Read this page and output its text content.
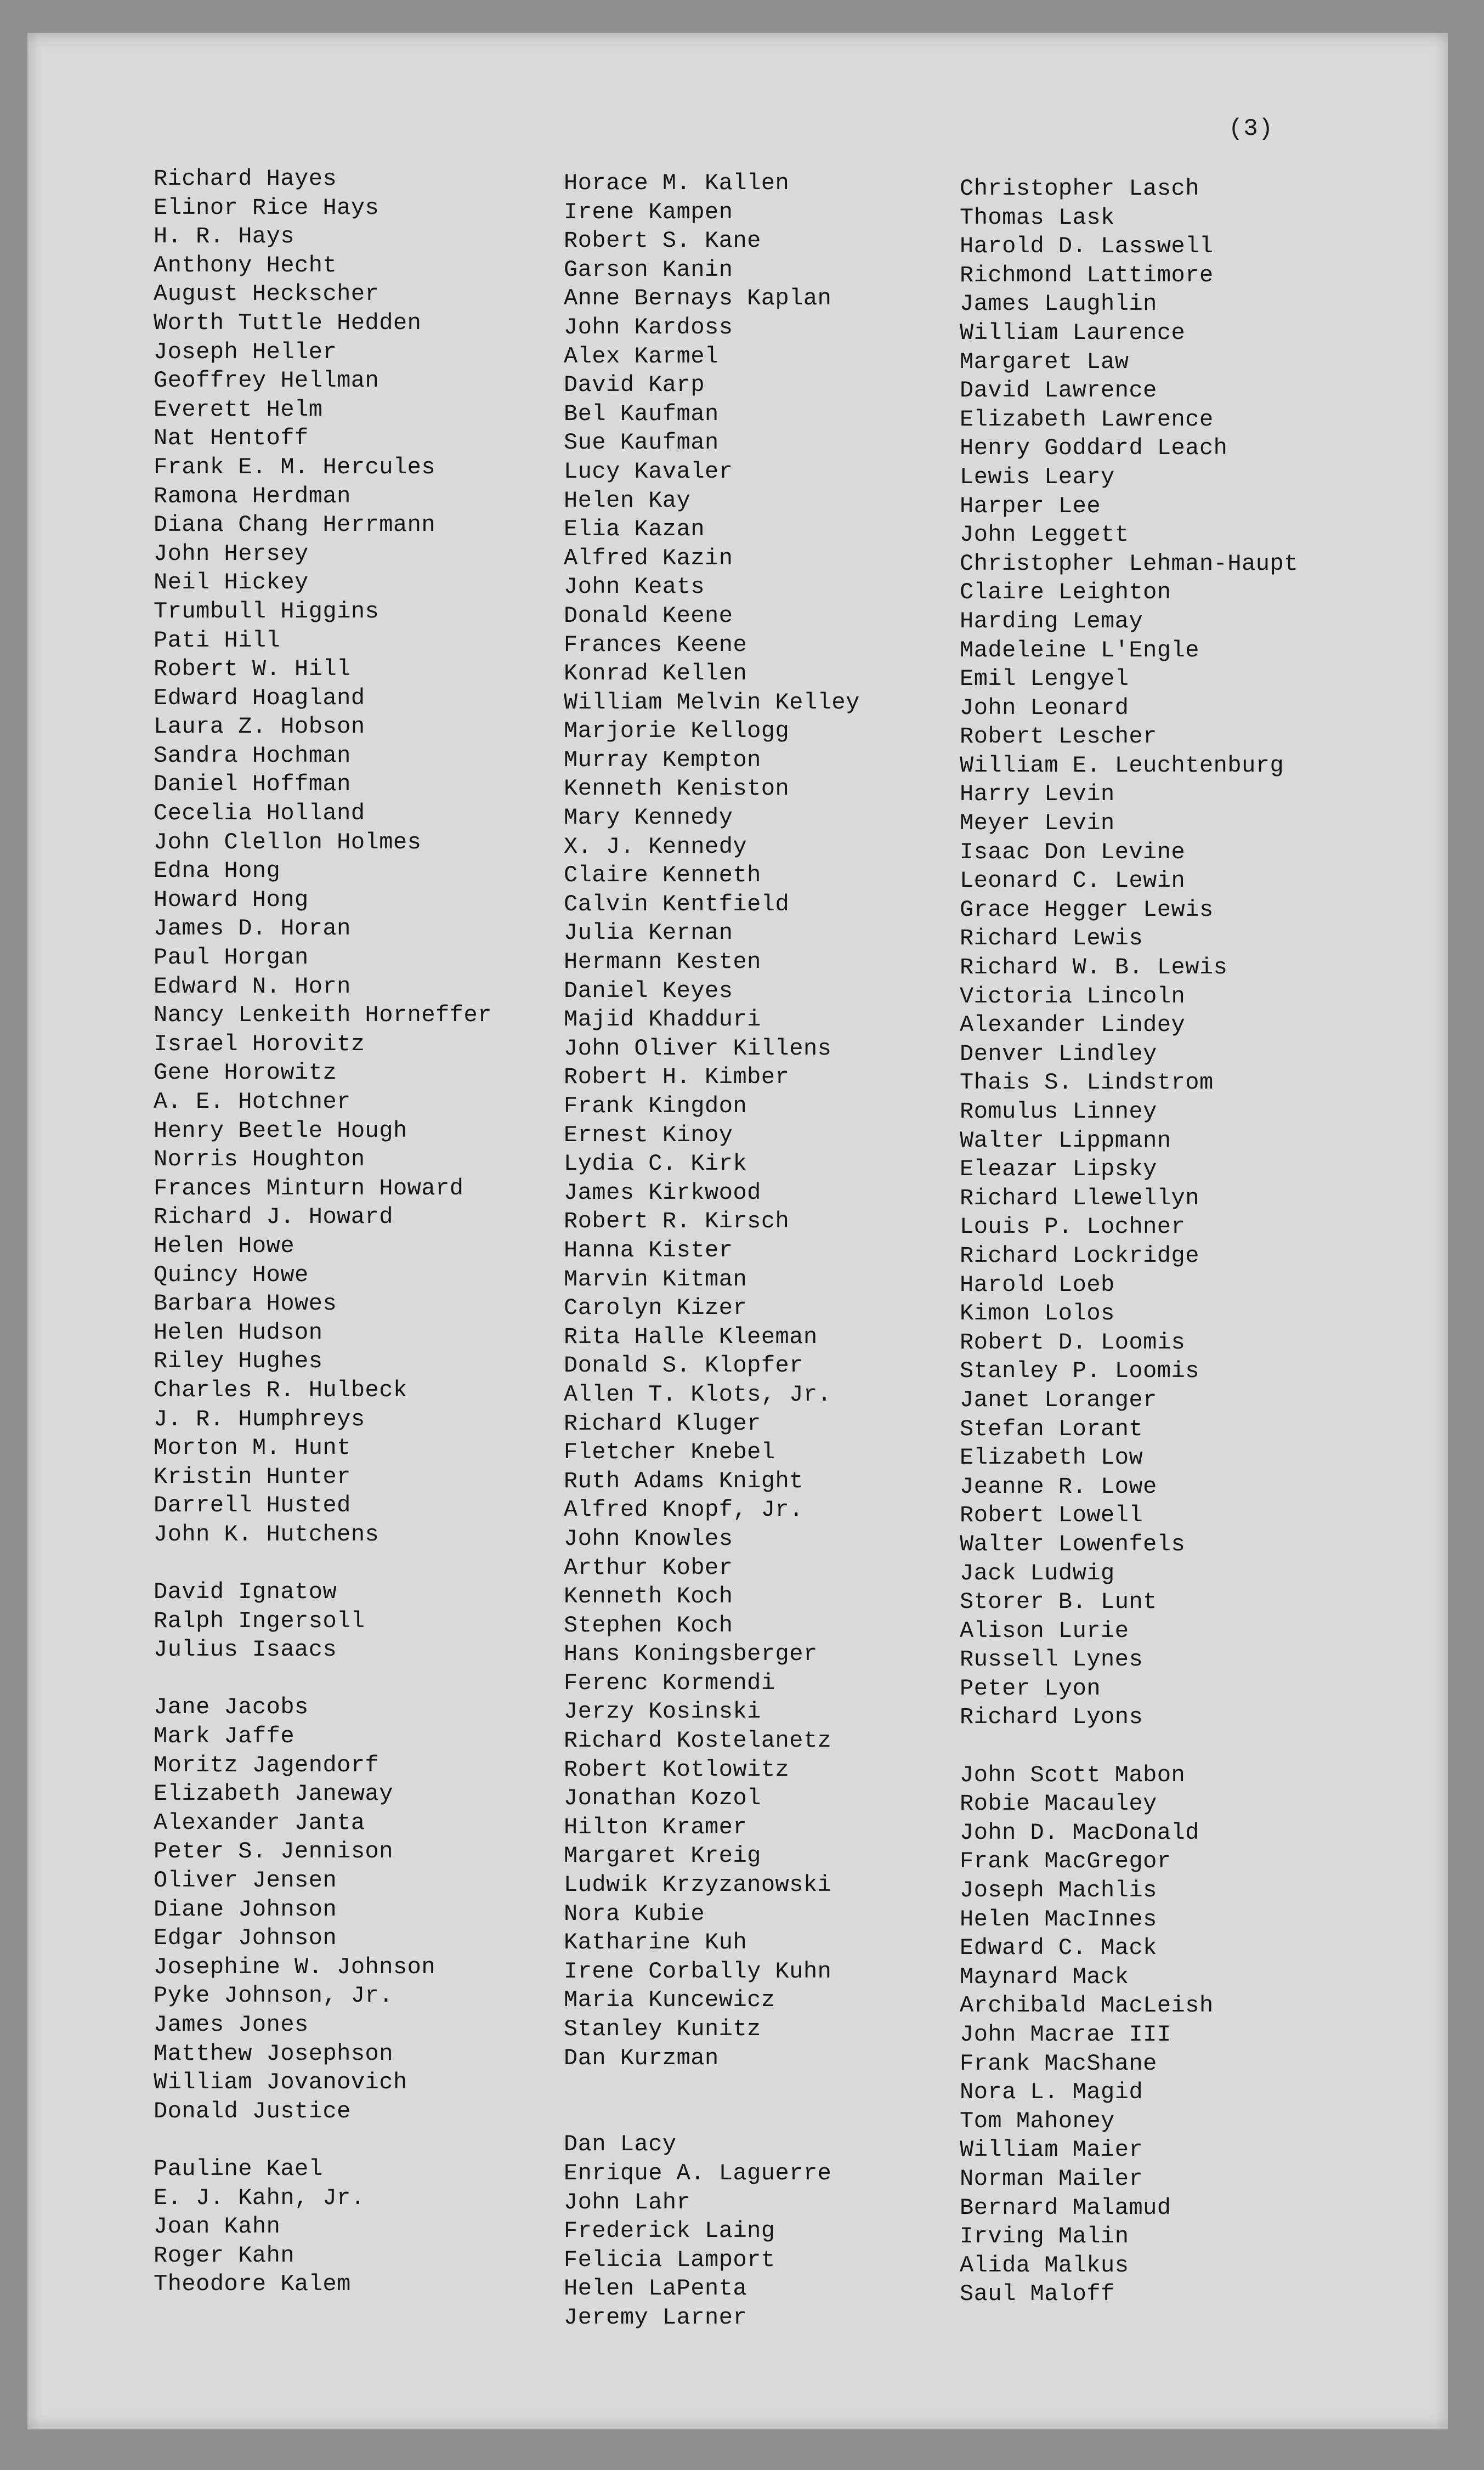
(3)
Richard Hayes
Elinor Rice Hays
H. R. Hays
Anthony Hecht
August Heckscher
Worth Tuttle Hedden
Joseph Heller
Geoffrey Hellman
Everett Helm
Nat Hentoff
Frank E. M. Hercules
Ramona Herdman
Diana Chang Herrmann
John Hersey
Neil Hickey
Trumbull Higgins
Pati Hill
Robert W. Hill
Edward Hoagland
Laura Z. Hobson
Sandra Hochman
Daniel Hoffman
Cecelia Holland
John Clellon Holmes
Edna Hong
Howard Hong
James D. Horan
Paul Horgan
Edward N. Horn
Nancy Lenkeith Horneffer
Israel Horovitz
Gene Horowitz
A. E. Hotchner
Henry Beetle Hough
Norris Houghton
Frances Minturn Howard
Richard J. Howard
Helen Howe
Quincy Howe
Barbara Howes
Helen Hudson
Riley Hughes
Charles R. Hulbeck
J. R. Humphreys
Morton M. Hunt
Kristin Hunter
Darrell Husted
John K. Hutchens
David Ignatow
Ralph Ingersoll
Julius Isaacs
Jane Jacobs
Mark Jaffe
Moritz Jagendorf
Elizabeth Janeway
Alexander Janta
Peter S. Jennison
Oliver Jensen
Diane Johnson
Edgar Johnson
Josephine W. Johnson
Pyke Johnson, Jr.
James Jones
Matthew Josephson
William Jovanovich
Donald Justice
Pauline Kael
E. J. Kahn, Jr.
Joan Kahn
Roger Kahn
Theodore Kalem
Horace M. Kallen
Irene Kampen
Robert S. Kane
Garson Kanin
Anne Bernays Kaplan
John Kardoss
Alex Karmel
David Karp
Bel Kaufman
Sue Kaufman
Lucy Kavaler
Helen Kay
Elia Kazan
Alfred Kazin
John Keats
Donald Keene
Frances Keene
Konrad Kellen
William Melvin Kelley
Marjorie Kellogg
Murray Kempton
Kenneth Keniston
Mary Kennedy
X. J. Kennedy
Claire Kenneth
Calvin Kentfield
Julia Kernan
Hermann Kesten
Daniel Keyes
Majid Khadduri
John Oliver Killens
Robert H. Kimber
Frank Kingdon
Ernest Kinoy
Lydia C. Kirk
James Kirkwood
Robert R. Kirsch
Hanna Kister
Marvin Kitman
Carolyn Kizer
Rita Halle Kleeman
Donald S. Klopfer
Allen T. Klots, Jr.
Richard Kluger
Fletcher Knebel
Ruth Adams Knight
Alfred Knopf, Jr.
John Knowles
Arthur Kober
Kenneth Koch
Stephen Koch
Hans Koningsberger
Ferenc Kormendi
Jerzy Kosinski
Richard Kostelanetz
Robert Kotlowitz
Jonathan Kozol
Hilton Kramer
Margaret Kreig
Ludwik Krzyzanowski
Nora Kubie
Katharine Kuh
Irene Corbally Kuhn
Maria Kuncewicz
Stanley Kunitz
Dan Kurzman
Dan Lacy
Enrique A. Laguerre
John Lahr
Frederick Laing
Felicia Lamport
Helen LaPenta
Jeremy Larner
Christopher Lasch
Thomas Lask
Harold D. Lasswell
Richmond Lattimore
James Laughlin
William Laurence
Margaret Law
David Lawrence
Elizabeth Lawrence
Henry Goddard Leach
Lewis Leary
Harper Lee
John Leggett
Christopher Lehman-Haupt
Claire Leighton
Harding Lemay
Madeleine L'Engle
Emil Lengyel
John Leonard
Robert Lescher
William E. Leuchtenburg
Harry Levin
Meyer Levin
Isaac Don Levine
Leonard C. Lewin
Grace Hegger Lewis
Richard Lewis
Richard W. B. Lewis
Victoria Lincoln
Alexander Lindey
Denver Lindley
Thais S. Lindstrom
Romulus Linney
Walter Lippmann
Eleazar Lipsky
Richard Llewellyn
Louis P. Lochner
Richard Lockridge
Harold Loeb
Kimon Lolos
Robert D. Loomis
Stanley P. Loomis
Janet Loranger
Stefan Lorant
Elizabeth Low
Jeanne R. Lowe
Robert Lowell
Walter Lowenfels
Jack Ludwig
Storer B. Lunt
Alison Lurie
Russell Lynes
Peter Lyon
Richard Lyons
John Scott Mabon
Robie Macauley
John D. MacDonald
Frank MacGregor
Joseph Machlis
Helen MacInnes
Edward C. Mack
Maynard Mack
Archibald MacLeish
John Macrae III
Frank MacShane
Nora L. Magid
Tom Mahoney
William Maier
Norman Mailer
Bernard Malamud
Irving Malin
Alida Malkus
Saul Maloff
